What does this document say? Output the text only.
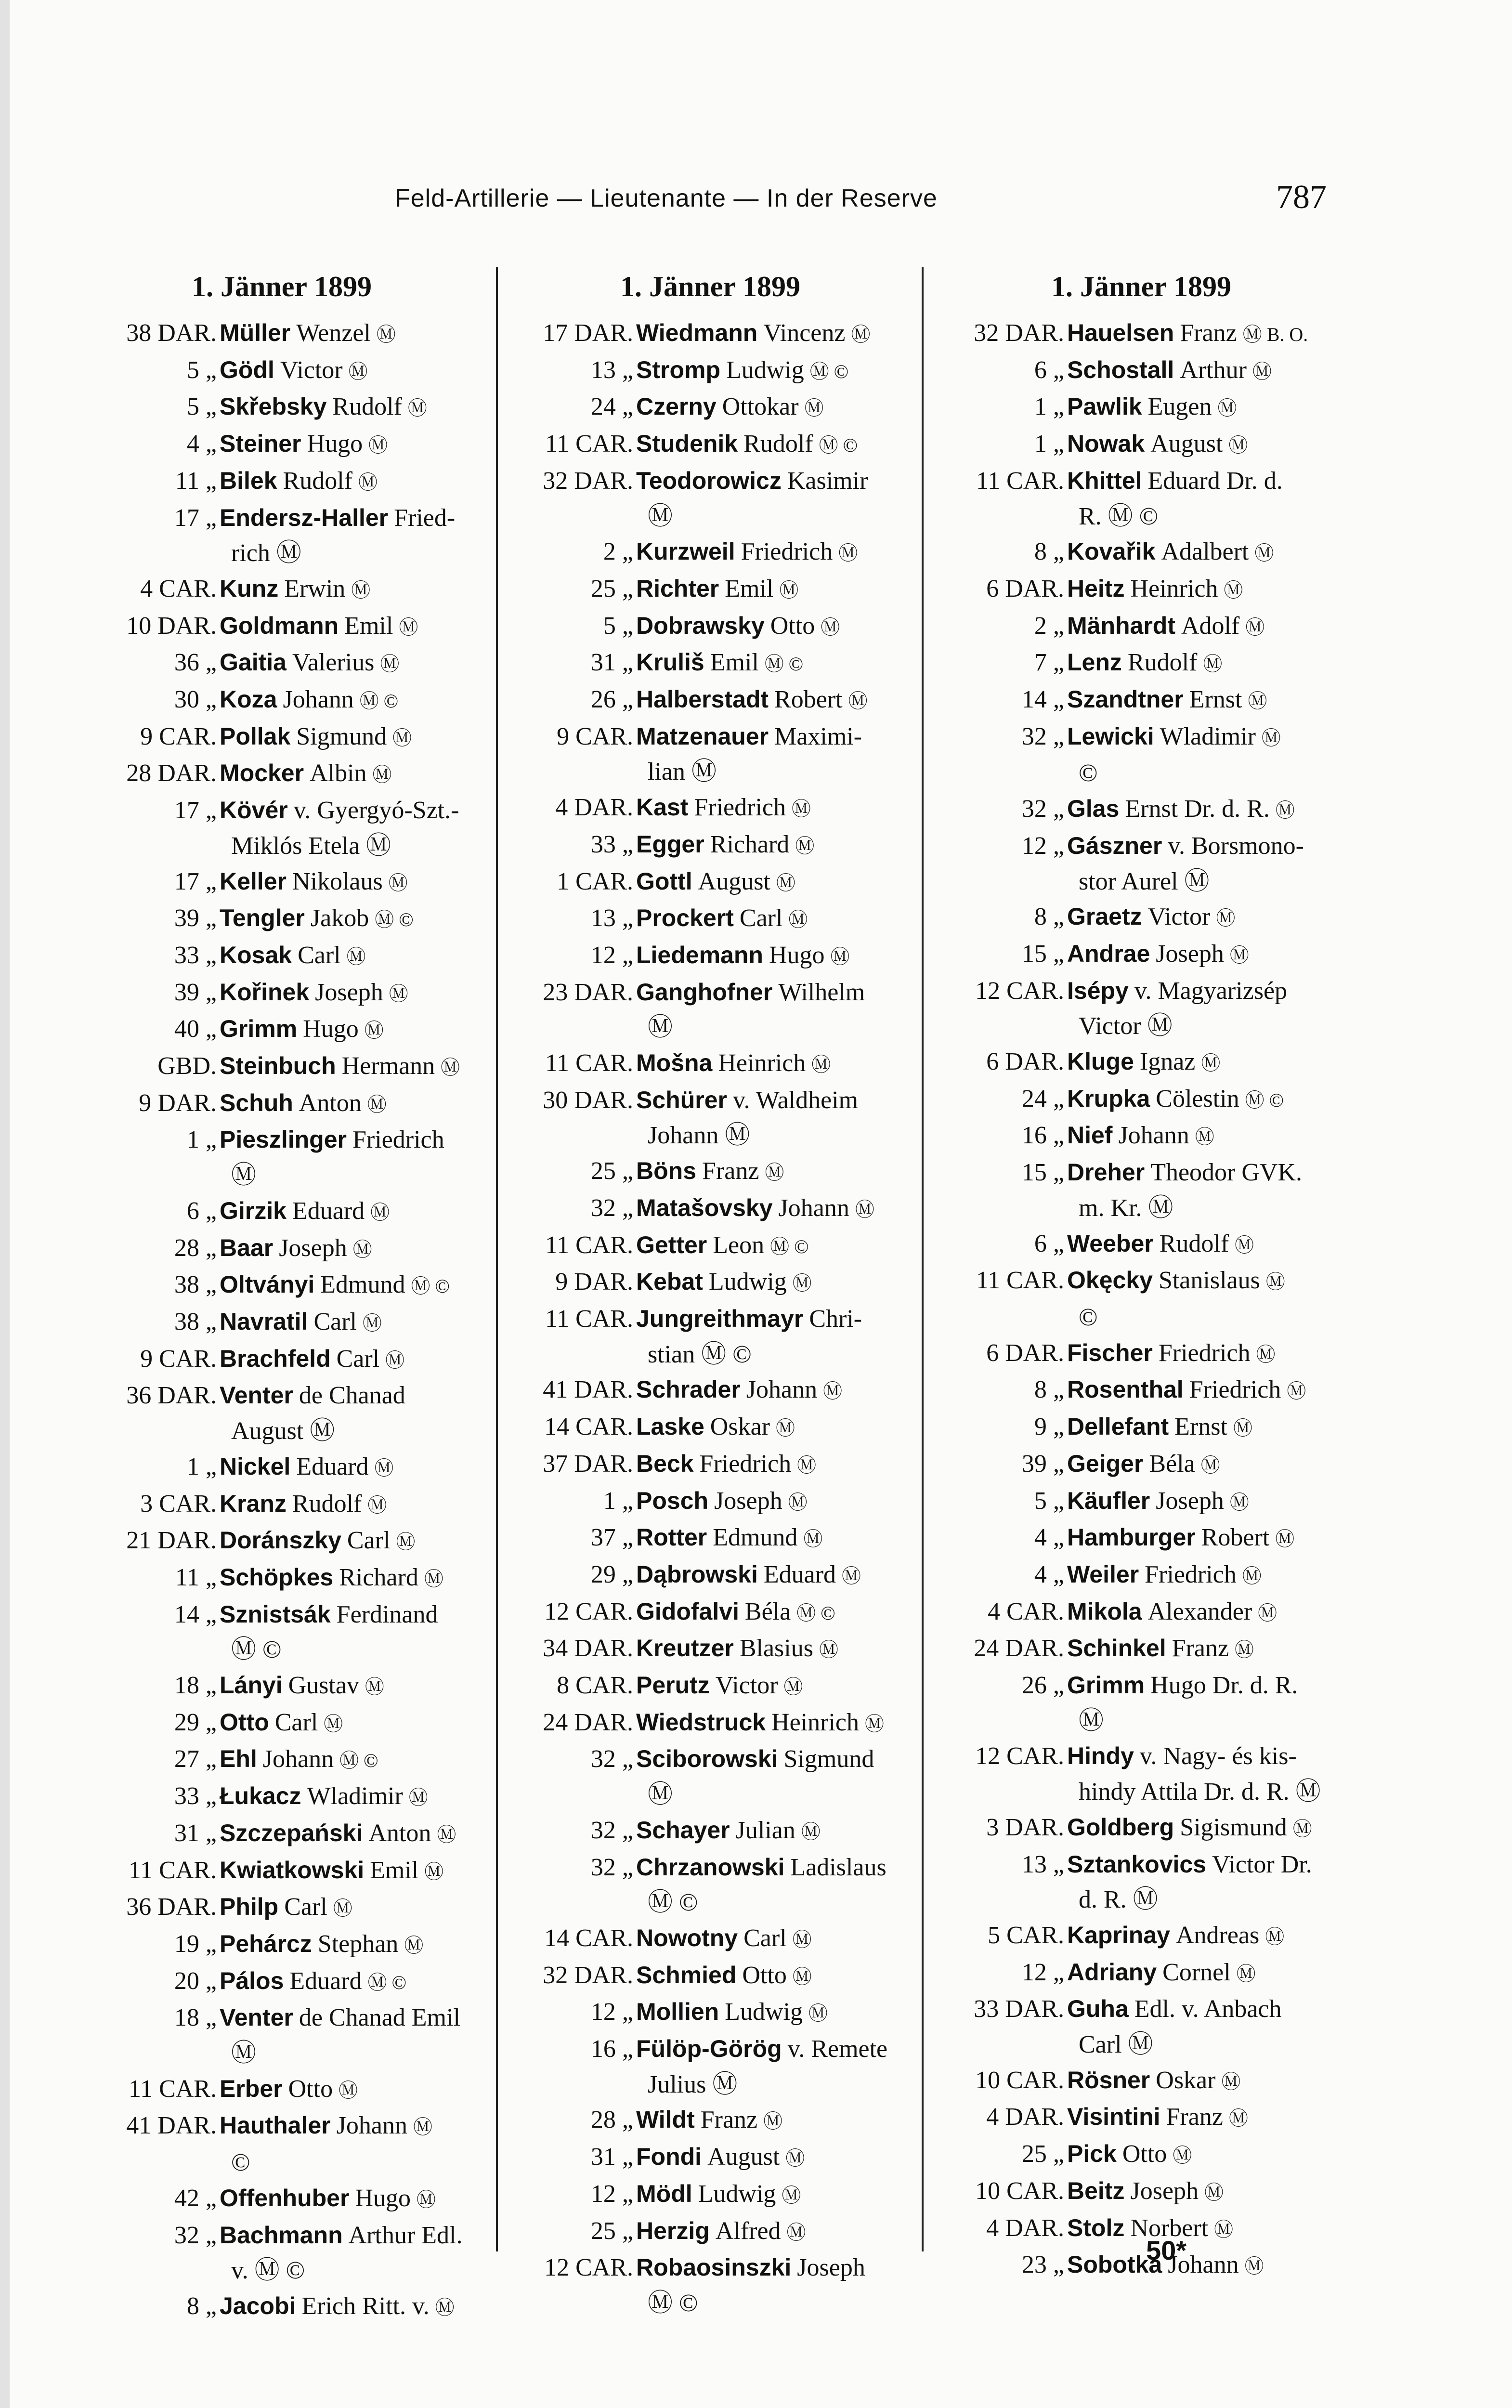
Feld-Artillerie — Lieutenante — In der Reserve	787
1. Jänner 1899
38 DAR. Müller Wenzel Ⓜ
5 „ Gödl Victor Ⓜ
5 „ Skřebsky Rudolf Ⓜ
4 „ Steiner Hugo Ⓜ
11 „ Bilek Rudolf Ⓜ
17 „ Endersz-Haller Fried-
rich Ⓜ
4 CAR. Kunz Erwin Ⓜ
10 DAR. Goldmann Emil Ⓜ
36 „ Gaitia Valerius Ⓜ
30 „ Koza Johann Ⓜ ©
9 CAR. Pollak Sigmund Ⓜ
28 DAR. Mocker Albin Ⓜ
17 „ Kövér v. Gyergyó-Szt.-
Miklós Etela Ⓜ
17 „ Keller Nikolaus Ⓜ
39 „ Tengler Jakob Ⓜ ©
33 „ Kosak Carl Ⓜ
39 „ Kořinek Joseph Ⓜ
40 „ Grimm Hugo Ⓜ
GBD. Steinbuch Hermann Ⓜ
9 DAR. Schuh Anton Ⓜ
1 „ Pieszlinger Friedrich
Ⓜ
6 „ Girzik Eduard Ⓜ
28 „ Baar Joseph Ⓜ
38 „ Oltványi Edmund Ⓜ ©
38 „ Navratil Carl Ⓜ
9 CAR. Brachfeld Carl Ⓜ
36 DAR. Venter de Chanad
August Ⓜ
1 „ Nickel Eduard Ⓜ
3 CAR. Kranz Rudolf Ⓜ
21 DAR. Doránszky Carl Ⓜ
11 „ Schöpkes Richard Ⓜ
14 „ Sznistsák Ferdinand
Ⓜ ©
18 „ Lányi Gustav Ⓜ
29 „ Otto Carl Ⓜ
27 „ Ehl Johann Ⓜ ©
33 „ Łukacz Wladimir Ⓜ
31 „ Szczepański Anton Ⓜ
11 CAR. Kwiatkowski Emil Ⓜ
36 DAR. Philp Carl Ⓜ
19 „ Pehárcz Stephan Ⓜ
20 „ Pálos Eduard Ⓜ ©
18 „ Venter de Chanad Emil
Ⓜ
11 CAR. Erber Otto Ⓜ
41 DAR. Hauthaler Johann Ⓜ
©
42 „ Offenhuber Hugo Ⓜ
32 „ Bachmann Arthur Edl.
v. Ⓜ ©
8 „ Jacobi Erich Ritt. v. Ⓜ
1. Jänner 1899
17 DAR. Wiedmann Vincenz Ⓜ
13 „ Stromp Ludwig Ⓜ ©
24 „ Czerny Ottokar Ⓜ
11 CAR. Studenik Rudolf Ⓜ ©
32 DAR. Teodorowicz Kasimir
Ⓜ
2 „ Kurzweil Friedrich Ⓜ
25 „ Richter Emil Ⓜ
5 „ Dobrawsky Otto Ⓜ
31 „ Kruliš Emil Ⓜ ©
26 „ Halberstadt Robert Ⓜ
9 CAR. Matzenauer Maximi-
lian Ⓜ
4 DAR. Kast Friedrich Ⓜ
33 „ Egger Richard Ⓜ
1 CAR. Gottl August Ⓜ
13 „ Prockert Carl Ⓜ
12 „ Liedemann Hugo Ⓜ
23 DAR. Ganghofner Wilhelm
Ⓜ
11 CAR. Mošna Heinrich Ⓜ
30 DAR. Schürer v. Waldheim
Johann Ⓜ
25 „ Böns Franz Ⓜ
32 „ Matašovsky Johann Ⓜ
11 CAR. Getter Leon Ⓜ ©
9 DAR. Kebat Ludwig Ⓜ
11 CAR. Jungreithmayr Chri-
stian Ⓜ ©
41 DAR. Schrader Johann Ⓜ
14 CAR. Laske Oskar Ⓜ
37 DAR. Beck Friedrich Ⓜ
1 „ Posch Joseph Ⓜ
37 „ Rotter Edmund Ⓜ
29 „ Dąbrowski Eduard Ⓜ
12 CAR. Gidofalvi Béla Ⓜ ©
34 DAR. Kreutzer Blasius Ⓜ
8 CAR. Perutz Victor Ⓜ
24 DAR. Wiedstruck Heinrich Ⓜ
32 „ Sciborowski Sigmund
Ⓜ
32 „ Schayer Julian Ⓜ
32 „ Chrzanowski Ladislaus
Ⓜ ©
14 CAR. Nowotny Carl Ⓜ
32 DAR. Schmied Otto Ⓜ
12 „ Mollien Ludwig Ⓜ
16 „ Fülöp-Görög v. Remete
Julius Ⓜ
28 „ Wildt Franz Ⓜ
31 „ Fondi August Ⓜ
12 „ Mödl Ludwig Ⓜ
25 „ Herzig Alfred Ⓜ
12 CAR. Robaosinszki Joseph
Ⓜ ©
1. Jänner 1899
32 DAR. Hauelsen Franz Ⓜ B. O.
6 „ Schostall Arthur Ⓜ
1 „ Pawlik Eugen Ⓜ
1 „ Nowak August Ⓜ
11 CAR. Khittel Eduard Dr. d.
R. Ⓜ ©
8 „ Kovařik Adalbert Ⓜ
6 DAR. Heitz Heinrich Ⓜ
2 „ Mänhardt Adolf Ⓜ
7 „ Lenz Rudolf Ⓜ
14 „ Szandtner Ernst Ⓜ
32 „ Lewicki Wladimir Ⓜ
©
32 „ Glas Ernst Dr. d. R. Ⓜ
12 „ Gászner v. Borsmono-
stor Aurel Ⓜ
8 „ Graetz Victor Ⓜ
15 „ Andrae Joseph Ⓜ
12 CAR. Isépy v. Magyarizsép
Victor Ⓜ
6 DAR. Kluge Ignaz Ⓜ
24 „ Krupka Cölestin Ⓜ ©
16 „ Nief Johann Ⓜ
15 „ Dreher Theodor GVK.
m. Kr. Ⓜ
6 „ Weeber Rudolf Ⓜ
11 CAR. Okęcky Stanislaus Ⓜ
©
6 DAR. Fischer Friedrich Ⓜ
8 „ Rosenthal Friedrich Ⓜ
9 „ Dellefant Ernst Ⓜ
39 „ Geiger Béla Ⓜ
5 „ Käufler Joseph Ⓜ
4 „ Hamburger Robert Ⓜ
4 „ Weiler Friedrich Ⓜ
4 CAR. Mikola Alexander Ⓜ
24 DAR. Schinkel Franz Ⓜ
26 „ Grimm Hugo Dr. d. R.
Ⓜ
12 CAR. Hindy v. Nagy- és kis-
hindy Attila Dr. d. R. Ⓜ
3 DAR. Goldberg Sigismund Ⓜ
13 „ Sztankovics Victor Dr.
d. R. Ⓜ
5 CAR. Kaprinay Andreas Ⓜ
12 „ Adriany Cornel Ⓜ
33 DAR. Guha Edl. v. Anbach
Carl Ⓜ
10 CAR. Rösner Oskar Ⓜ
4 DAR. Visintini Franz Ⓜ
25 „ Pick Otto Ⓜ
10 CAR. Beitz Joseph Ⓜ
4 DAR. Stolz Norbert Ⓜ
23 „ Sobotka Johann Ⓜ
50*
